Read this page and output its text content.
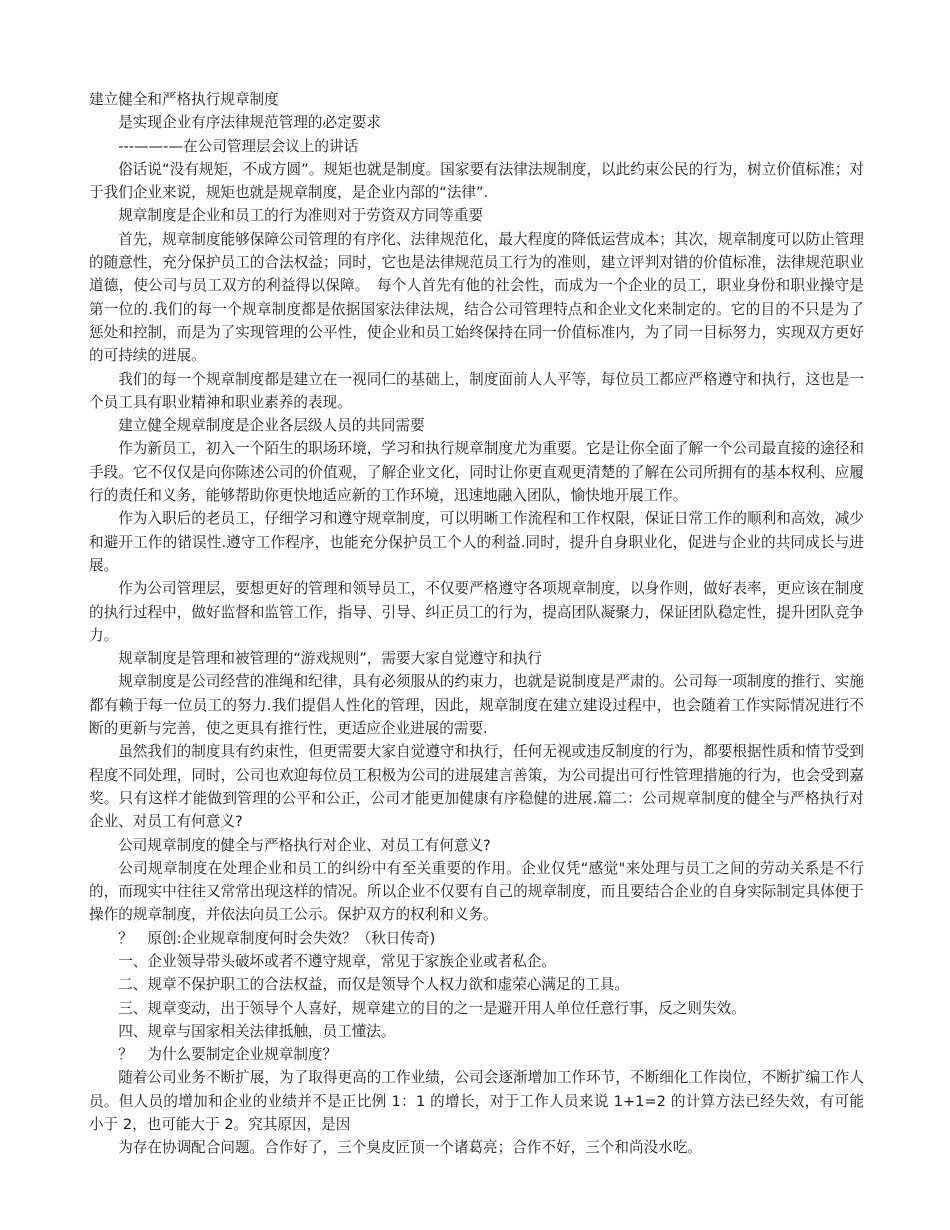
建立健全和严格执行规章制度

是实现企业有序法律规范管理的必定要求

---——-—在公司管理层会议上的讲话

俗话说“没有规矩，不成方圆”。规矩也就是制度。国家要有法律法规制度，以此约束公民的行为，树立价值标准；对于我们企业来说，规矩也就是规章制度，是企业内部的“法律”.

规章制度是企业和员工的行为准则对于劳资双方同等重要

首先，规章制度能够保障公司管理的有序化、法律规范化，最大程度的降低运营成本；其次，规章制度可以防止管理的随意性，充分保护员工的合法权益；同时，它也是法律规范员工行为的准则，建立评判对错的价值标准，法律规范职业道德，使公司与员工双方的利益得以保障。　每个人首先有他的社会性，而成为一个企业的员工，职业身份和职业操守是第一位的.我们的每一个规章制度都是依据国家法律法规，结合公司管理特点和企业文化来制定的。它的目的不只是为了惩处和控制，而是为了实现管理的公平性，使企业和员工始终保持在同一价值标准内，为了同一目标努力，实现双方更好的可持续的进展。

我们的每一个规章制度都是建立在一视同仁的基础上，制度面前人人平等，每位员工都应严格遵守和执行，这也是一个员工具有职业精神和职业素养的表现。

建立健全规章制度是企业各层级人员的共同需要

作为新员工，初入一个陌生的职场环境，学习和执行规章制度尤为重要。它是让你全面了解一个公司最直接的途径和手段。它不仅仅是向你陈述公司的价值观，了解企业文化，同时让你更直观更清楚的了解在公司所拥有的基本权利、应履行的责任和义务，能够帮助你更快地适应新的工作环境，迅速地融入团队，愉快地开展工作。

作为入职后的老员工，仔细学习和遵守规章制度，可以明晰工作流程和工作权限，保证日常工作的顺利和高效，减少和避开工作的错误性.遵守工作程序，也能充分保护员工个人的利益.同时，提升自身职业化，促进与企业的共同成长与进展。

作为公司管理层，要想更好的管理和领导员工，不仅要严格遵守各项规章制度，以身作则，做好表率，更应该在制度的执行过程中，做好监督和监管工作，指导、引导、纠正员工的行为，提高团队凝聚力，保证团队稳定性，提升团队竞争力。

规章制度是管理和被管理的“游戏规则”，需要大家自觉遵守和执行

规章制度是公司经营的准绳和纪律，具有必须服从的约束力，也就是说制度是严肃的。公司每一项制度的推行、实施都有赖于每一位员工的努力.我们提倡人性化的管理，因此，规章制度在建立建设过程中，也会随着工作实际情况进行不断的更新与完善，使之更具有推行性，更适应企业进展的需要.

虽然我们的制度具有约束性，但更需要大家自觉遵守和执行，任何无视或违反制度的行为，都要根据性质和情节受到程度不同处理，同时，公司也欢迎每位员工积极为公司的进展建言善策，为公司提出可行性管理措施的行为，也会受到嘉奖。只有这样才能做到管理的公平和公正，公司才能更加健康有序稳健的进展.篇二：公司规章制度的健全与严格执行对企业、对员工有何意义?

公司规章制度的健全与严格执行对企业、对员工有何意义?

公司规章制度在处理企业和员工的纠纷中有至关重要的作用。企业仅凭“感觉"来处理与员工之间的劳动关系是不行的，而现实中往往又常常出现这样的情况。所以企业不仅要有自己的规章制度，而且要结合企业的自身实际制定具体便于操作的规章制度，并依法向员工公示。保护双方的权利和义务。

？　原创:企业规章制度何时会失效？（秋日传奇)

一、企业领导带头破坏或者不遵守规章，常见于家族企业或者私企。

二、规章不保护职工的合法权益，而仅是领导个人权力欲和虚荣心满足的工具。

三、规章变动，出于领导个人喜好，规章建立的目的之一是避开用人单位任意行事，反之则失效。

四、规章与国家相关法律抵触，员工懂法。

？　为什么要制定企业规章制度？

随着公司业务不断扩展，为了取得更高的工作业绩，公司会逐渐增加工作环节，不断细化工作岗位，不断扩编工作人员。但人员的增加和企业的业绩并不是正比例 1：1 的增长，对于工作人员来说 1+1=2 的计算方法已经失效，有可能小于 2，也可能大于 2。究其原因，是因

为存在协调配合问题。合作好了，三个臭皮匠顶一个诸葛亮；合作不好，三个和尚没水吃。
